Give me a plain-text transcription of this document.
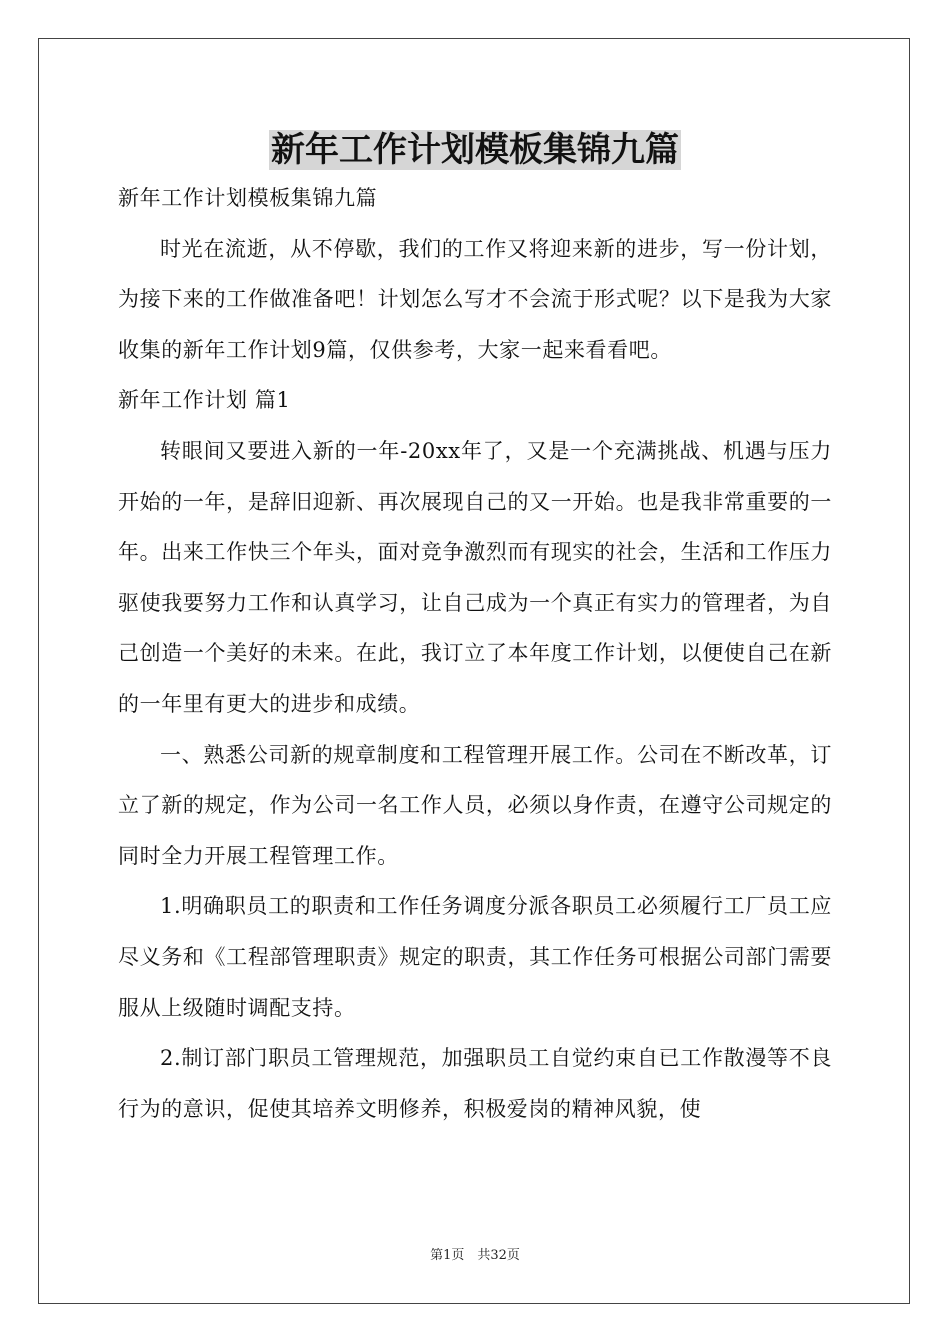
新年工作计划模板集锦九篇

新年工作计划模板集锦九篇

时光在流逝，从不停歇，我们的工作又将迎来新的进步，写一份计划，为接下来的工作做准备吧！计划怎么写才不会流于形式呢？以下是我为大家收集的新年工作计划9篇，仅供参考，大家一起来看看吧。

新年工作计划 篇1

转眼间又要进入新的一年-20xx年了，又是一个充满挑战、机遇与压力开始的一年，是辞旧迎新、再次展现自己的又一开始。也是我非常重要的一年。出来工作快三个年头，面对竞争激烈而有现实的社会，生活和工作压力驱使我要努力工作和认真学习，让自己成为一个真正有实力的管理者，为自己创造一个美好的未来。在此，我订立了本年度工作计划，以便使自己在新的一年里有更大的进步和成绩。

一、熟悉公司新的规章制度和工程管理开展工作。公司在不断改革，订立了新的规定，作为公司一名工作人员，必须以身作责，在遵守公司规定的同时全力开展工程管理工作。

1.明确职员工的职责和工作任务调度分派各职员工必须履行工厂员工应尽义务和《工程部管理职责》规定的职责，其工作任务可根据公司部门需要服从上级随时调配支持。

2.制订部门职员工管理规范，加强职员工自觉约束自已工作散漫等不良行为的意识，促使其培养文明修养，积极爱岗的精神风貌，使

第1页　共32页
